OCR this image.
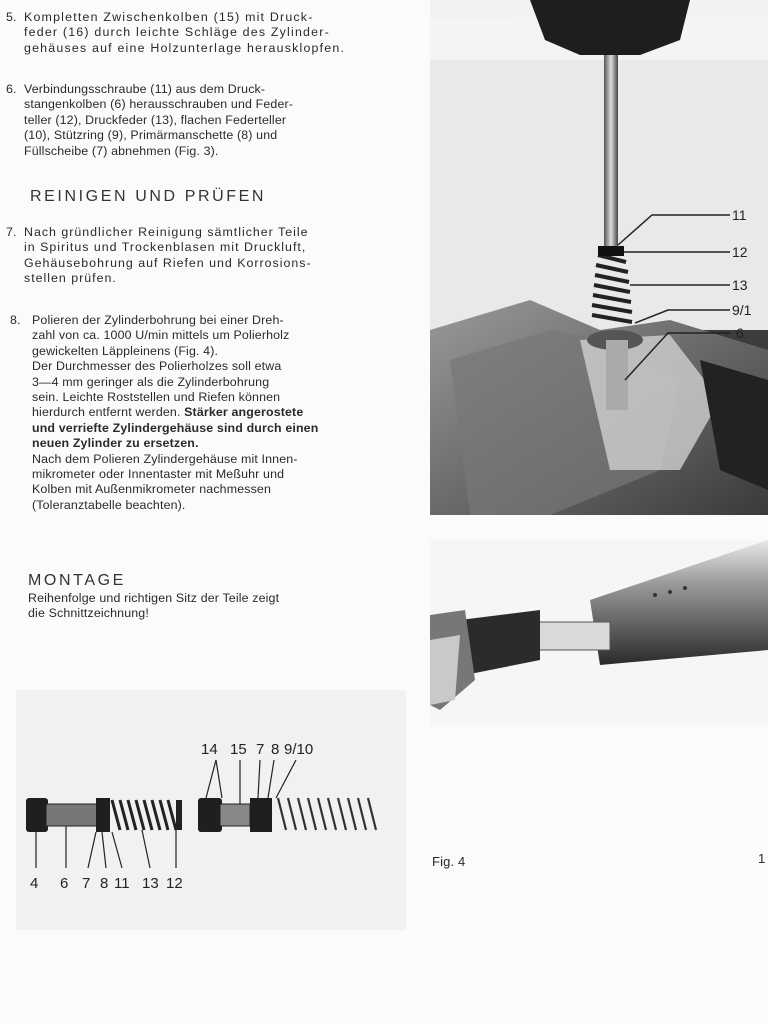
5. Kompletten Zwischenkolben (15) mit Druck-
feder (16) durch leichte Schläge des Zylinder-
gehäuses auf eine Holzunterlage herausklopfen.
6. Verbindungsschraube (11) aus dem Druck-
stangenkolben (6) herausschrauben und Feder-
teller (12), Druckfeder (13), flachen Federteller
(10), Stützring (9), Primärmanschette (8) und
Füllscheibe (7) abnehmen (Fig. 3).
REINIGEN UND PRÜFEN
7. Nach gründlicher Reinigung sämtlicher Teile
in Spiritus und Trockenblasen mit Druckluft,
Gehäusebohrung auf Riefen und Korrosions-
stellen prüfen.
8. Polieren der Zylinderbohrung bei einer Dreh-
zahl von ca. 1000 U/min mittels um Polierholz
gewickelten Läppleinens (Fig. 4).
Der Durchmesser des Polierholzes soll etwa
3—4 mm geringer als die Zylinderbohrung
sein. Leichte Roststellen und Riefen können
hierdurch entfernt werden. Stärker angerostete
und verriefte Zylindergehäuse sind durch einen
neuen Zylinder zu ersetzen.
Nach dem Polieren Zylindergehäuse mit Innen-
mikrometer oder Innentaster mit Meßuhr und
Kolben mit Außenmikrometer nachmessen
(Toleranztabelle beachten).
MONTAGE
Reihenfolge und richtigen Sitz der Teile zeigt
die Schnittzeichnung!
11
12
13
9/1
6
Fig. 4	1
14 15 7 8 9/10
4 6 7 8 11 13 12
